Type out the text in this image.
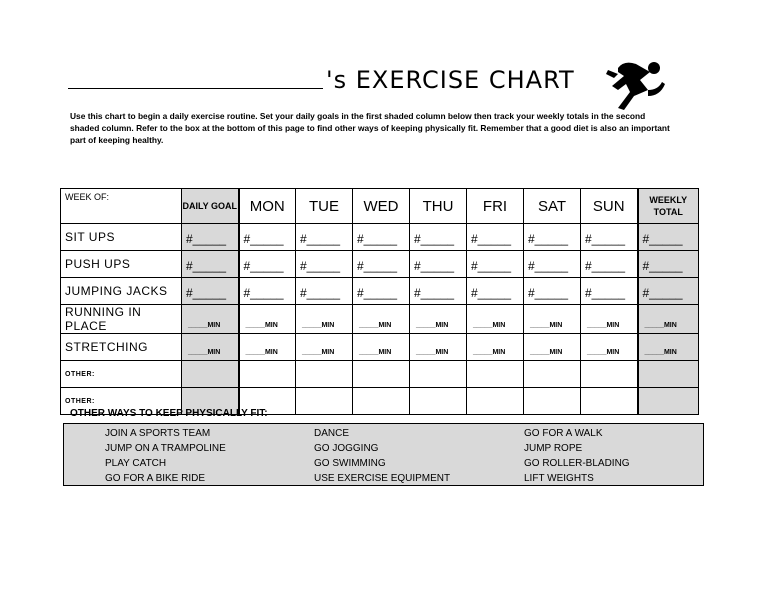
's EXERCISE CHART
Use this chart to begin a daily exercise routine. Set your daily goals in the first shaded column below then track your weekly totals in the second shaded column. Refer to the box at the bottom of this page to find other ways of keeping physically fit. Remember that a good diet is also an important part of keeping healthy.
WEEK OF:	DAILY GOAL	MON	TUE	WED	THU	FRI	SAT	SUN	WEEKLY TOTAL
SIT UPS	#_____	#_____	#_____	#_____	#_____	#_____	#_____	#_____	#_____
PUSH UPS	#_____	#_____	#_____	#_____	#_____	#_____	#_____	#_____	#_____
JUMPING JACKS	#_____	#_____	#_____	#_____	#_____	#_____	#_____	#_____	#_____
RUNNING IN PLACE	_____MIN	_____MIN	_____MIN	_____MIN	_____MIN	_____MIN	_____MIN	_____MIN	_____MIN
STRETCHING	_____MIN	_____MIN	_____MIN	_____MIN	_____MIN	_____MIN	_____MIN	_____MIN	_____MIN
OTHER:									
OTHER:									
OTHER WAYS TO KEEP PHYSICALLY FIT:
JOIN A SPORTS TEAM
JUMP ON A TRAMPOLINE
PLAY CATCH
GO FOR A BIKE RIDE
DANCE
GO JOGGING
GO SWIMMING
USE EXERCISE EQUIPMENT
GO FOR A WALK
JUMP ROPE
GO ROLLER-BLADING
LIFT WEIGHTS
